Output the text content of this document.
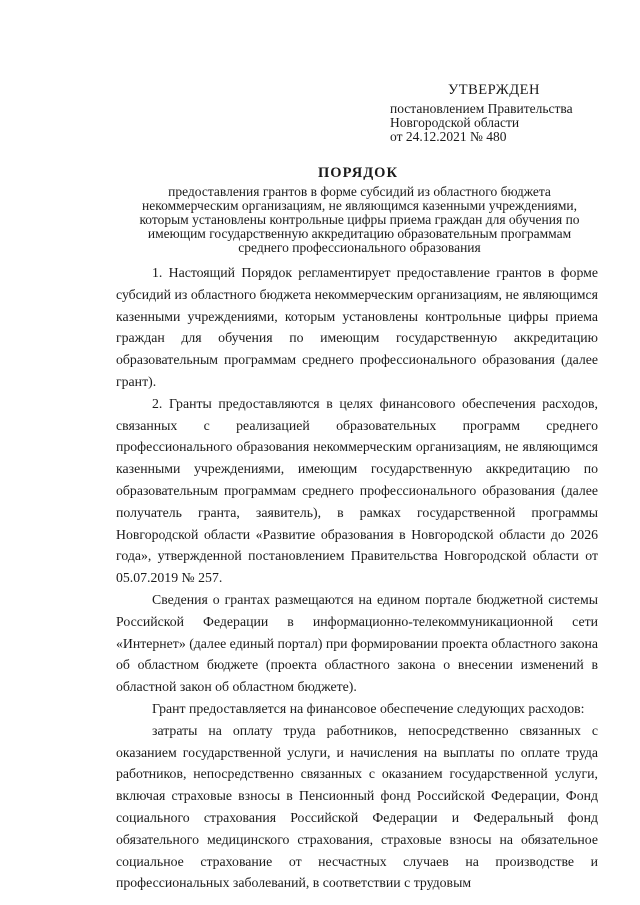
УТВЕРЖДЕН
постановлением Правительства
Новгородской области
от 24.12.2021 № 480
ПОРЯДОК
предоставления грантов в форме субсидий из областного бюджета
некоммерческим организациям, не являющимся казенными учреждениями,
которым установлены контрольные цифры приема граждан для обучения по
имеющим государственную аккредитацию образовательным программам
среднего профессионального образования

1. Настоящий Порядок регламентирует предоставление грантов в форме субсидий из областного бюджета некоммерческим организациям, не являющимся казенными учреждениями, которым установлены контрольные цифры приема граждан для обучения по имеющим государственную аккредитацию образовательным программам среднего профессионального образования (далее грант).

2. Гранты предоставляются в целях финансового обеспечения расходов, связанных с реализацией образовательных программ среднего профессионального образования некоммерческим организациям, не являющимся казенными учреждениями, имеющим государственную аккредитацию по образовательным программам среднего профессионального образования (далее получатель гранта, заявитель), в рамках государственной программы Новгородской области «Развитие образования в Новгородской области до 2026 года», утвержденной постановлением Правительства Новгородской области от 05.07.2019 № 257.

Сведения о грантах размещаются на едином портале бюджетной системы Российской Федерации в информационно-телекоммуникационной сети «Интернет» (далее единый портал) при формировании проекта областного закона об областном бюджете (проекта областного закона о внесении изменений в областной закон об областном бюджете).

Грант предоставляется на финансовое обеспечение следующих расходов:

затраты на оплату труда работников, непосредственно связанных с оказанием государственной услуги, и начисления на выплаты по оплате труда работников, непосредственно связанных с оказанием государственной услуги, включая страховые взносы в Пенсионный фонд Российской Федерации, Фонд социального страхования Российской Федерации и Федеральный фонд обязательного медицинского страхования, страховые взносы на обязательное социальное страхование от несчастных случаев на производстве и профессиональных заболеваний, в соответствии с трудовым
